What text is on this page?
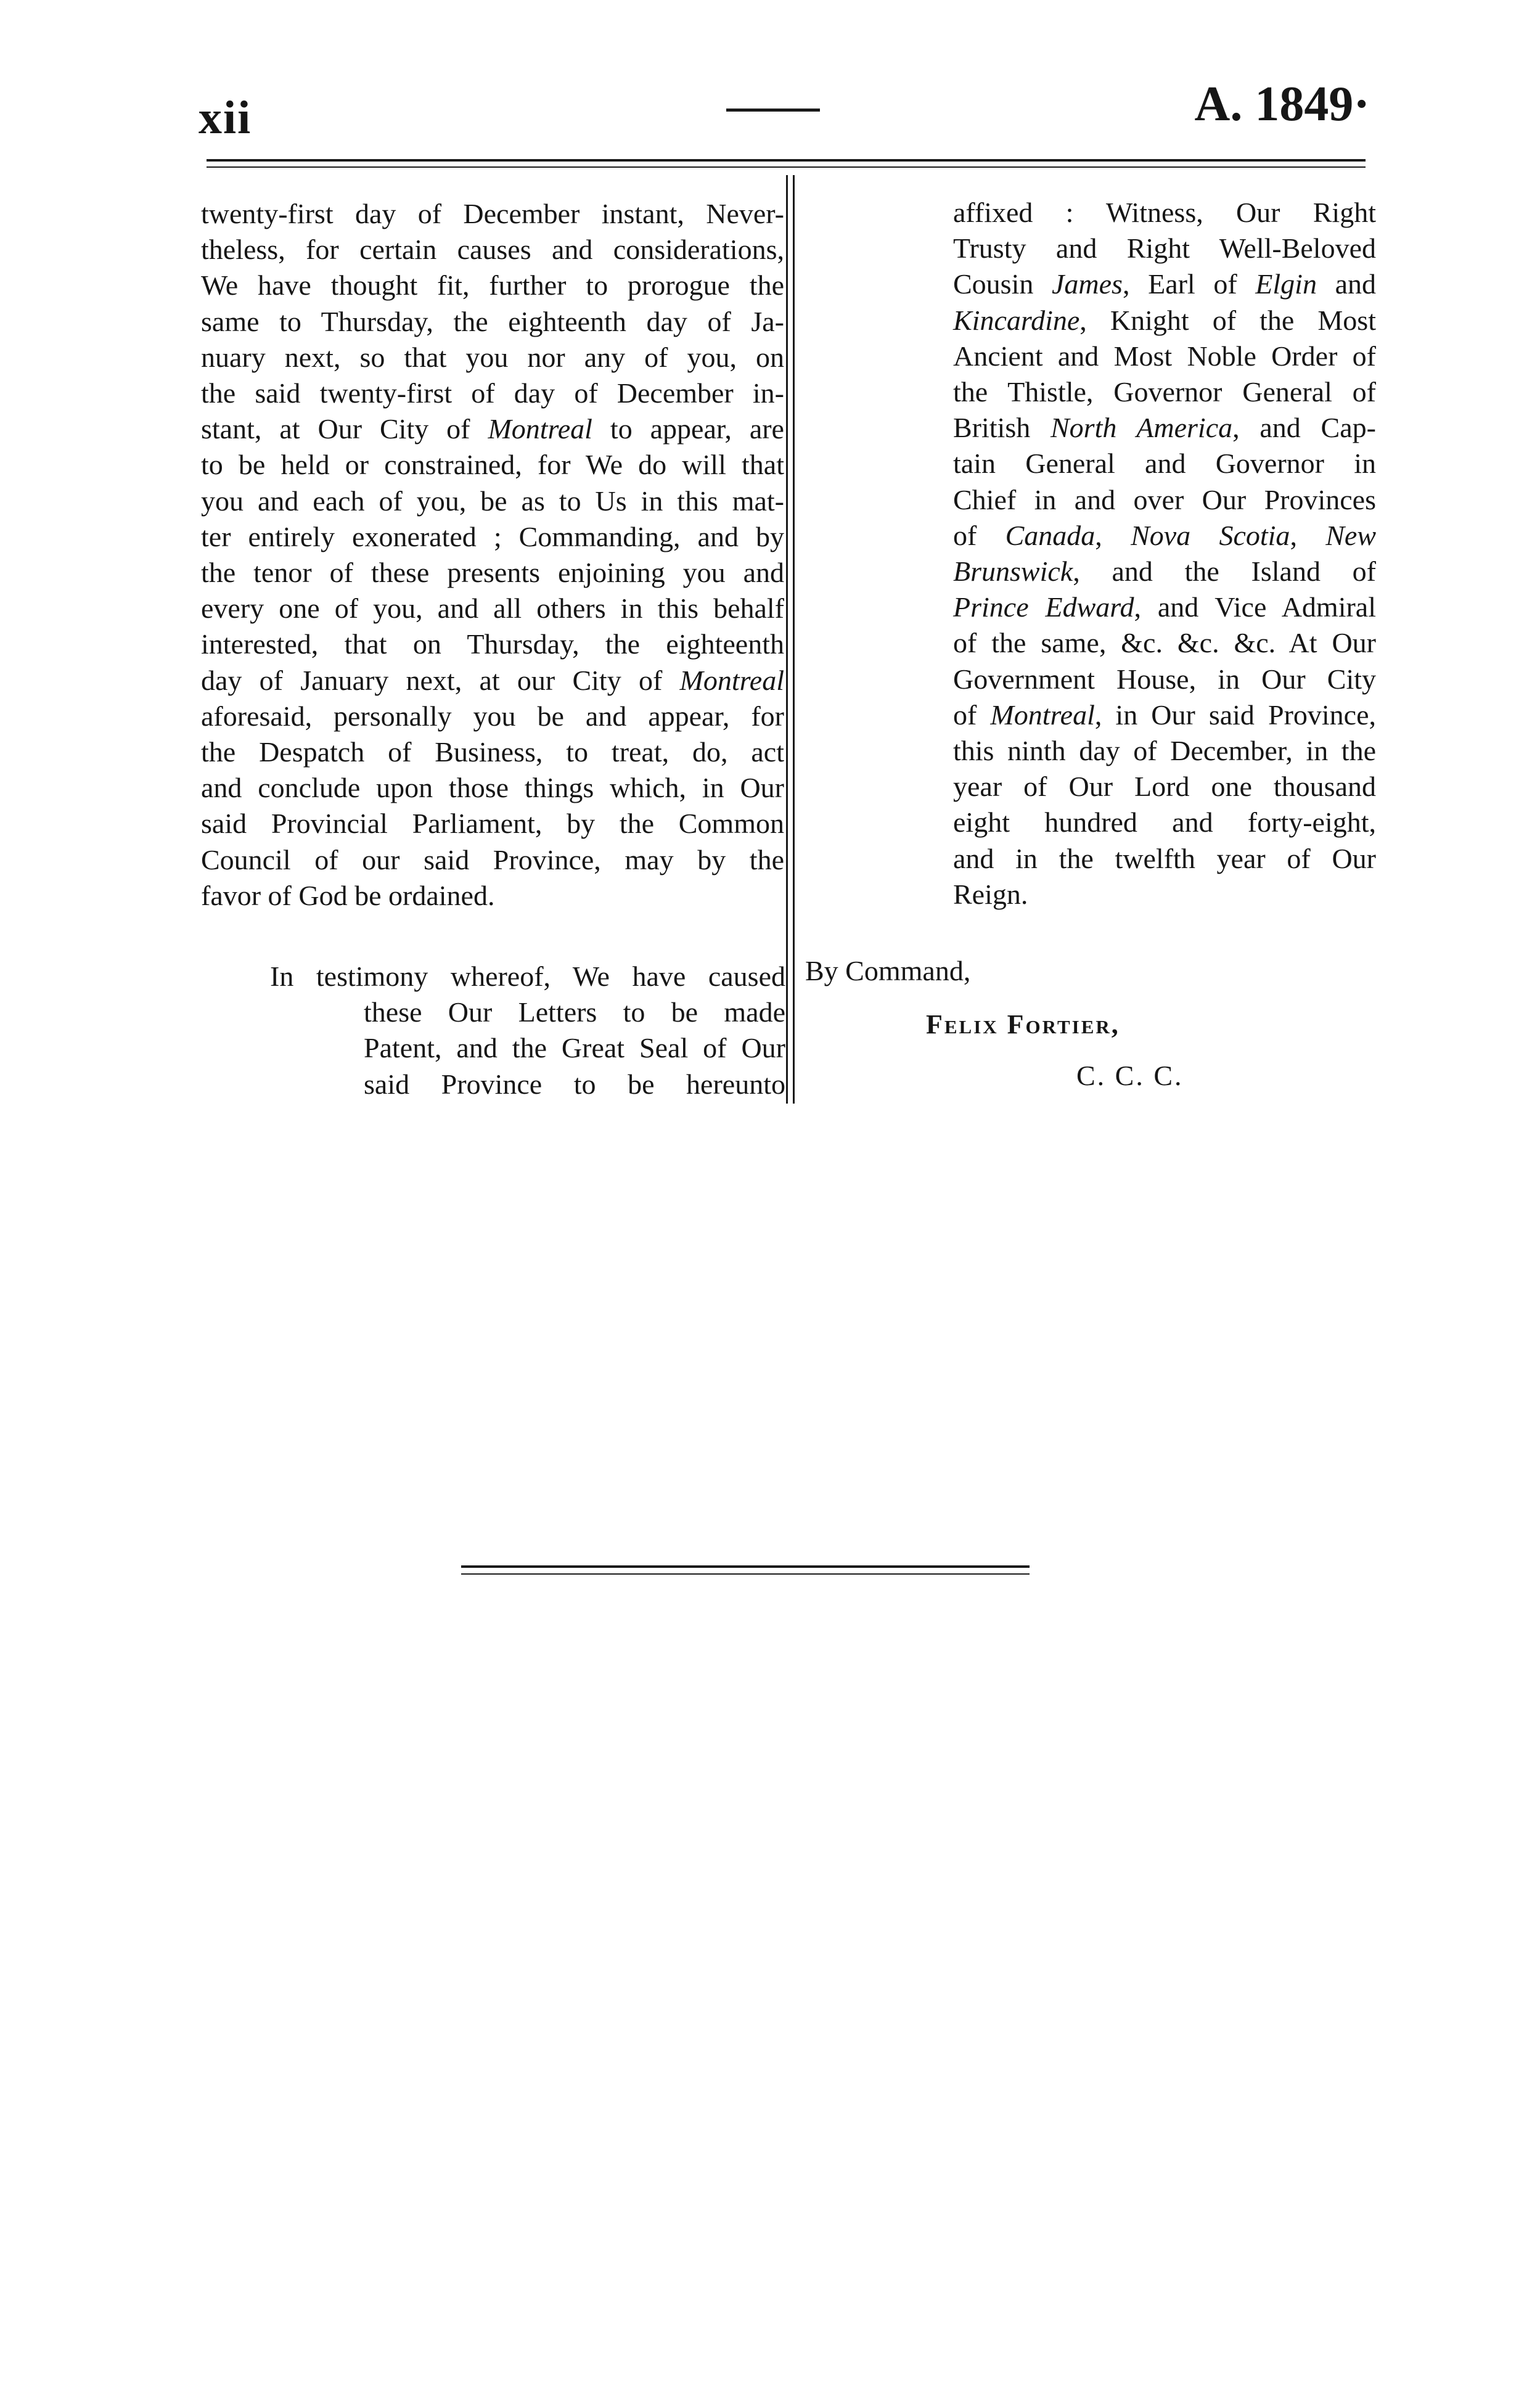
xii	A. 1849·

twenty-first day of December instant, Never-

theless, for certain causes and considerations,

We have thought fit, further to prorogue the

same to Thursday, the eighteenth day of Ja-

nuary next, so that you nor any of you, on

the said twenty-first of day of December in-

stant, at Our City of Montreal to appear, are

to be held or constrained, for We do will that

you and each of you, be as to Us in this mat-

ter entirely exonerated ; Commanding, and by

the tenor of these presents enjoining you and

every one of you, and all others in this behalf

interested, that on Thursday, the eighteenth

day of January next, at our City of Montreal

aforesaid, personally you be and appear, for

the Despatch of Business, to treat, do, act

and conclude upon those things which, in Our

said Provincial Parliament, by the Common

Council of our said Province, may by the

favor of God be ordained.

In testimony whereof, We have caused

these Our Letters to be made

Patent, and the Great Seal of Our

said Province to be hereunto

affixed : Witness, Our Right

Trusty and Right Well-Beloved

Cousin James, Earl of Elgin and

Kincardine, Knight of the Most

Ancient and Most Noble Order of

the Thistle, Governor General of

British North America, and Cap-

tain General and Governor in

Chief in and over Our Provinces

of Canada, Nova Scotia, New

Brunswick, and the Island of

Prince Edward, and Vice Admiral

of the same, &c. &c. &c. At Our

Government House, in Our City

of Montreal, in Our said Province,

this ninth day of December, in the

year of Our Lord one thousand

eight hundred and forty-eight,

and in the twelfth year of Our

Reign.

By Command,
Felix Fortier,
C. C. C.
